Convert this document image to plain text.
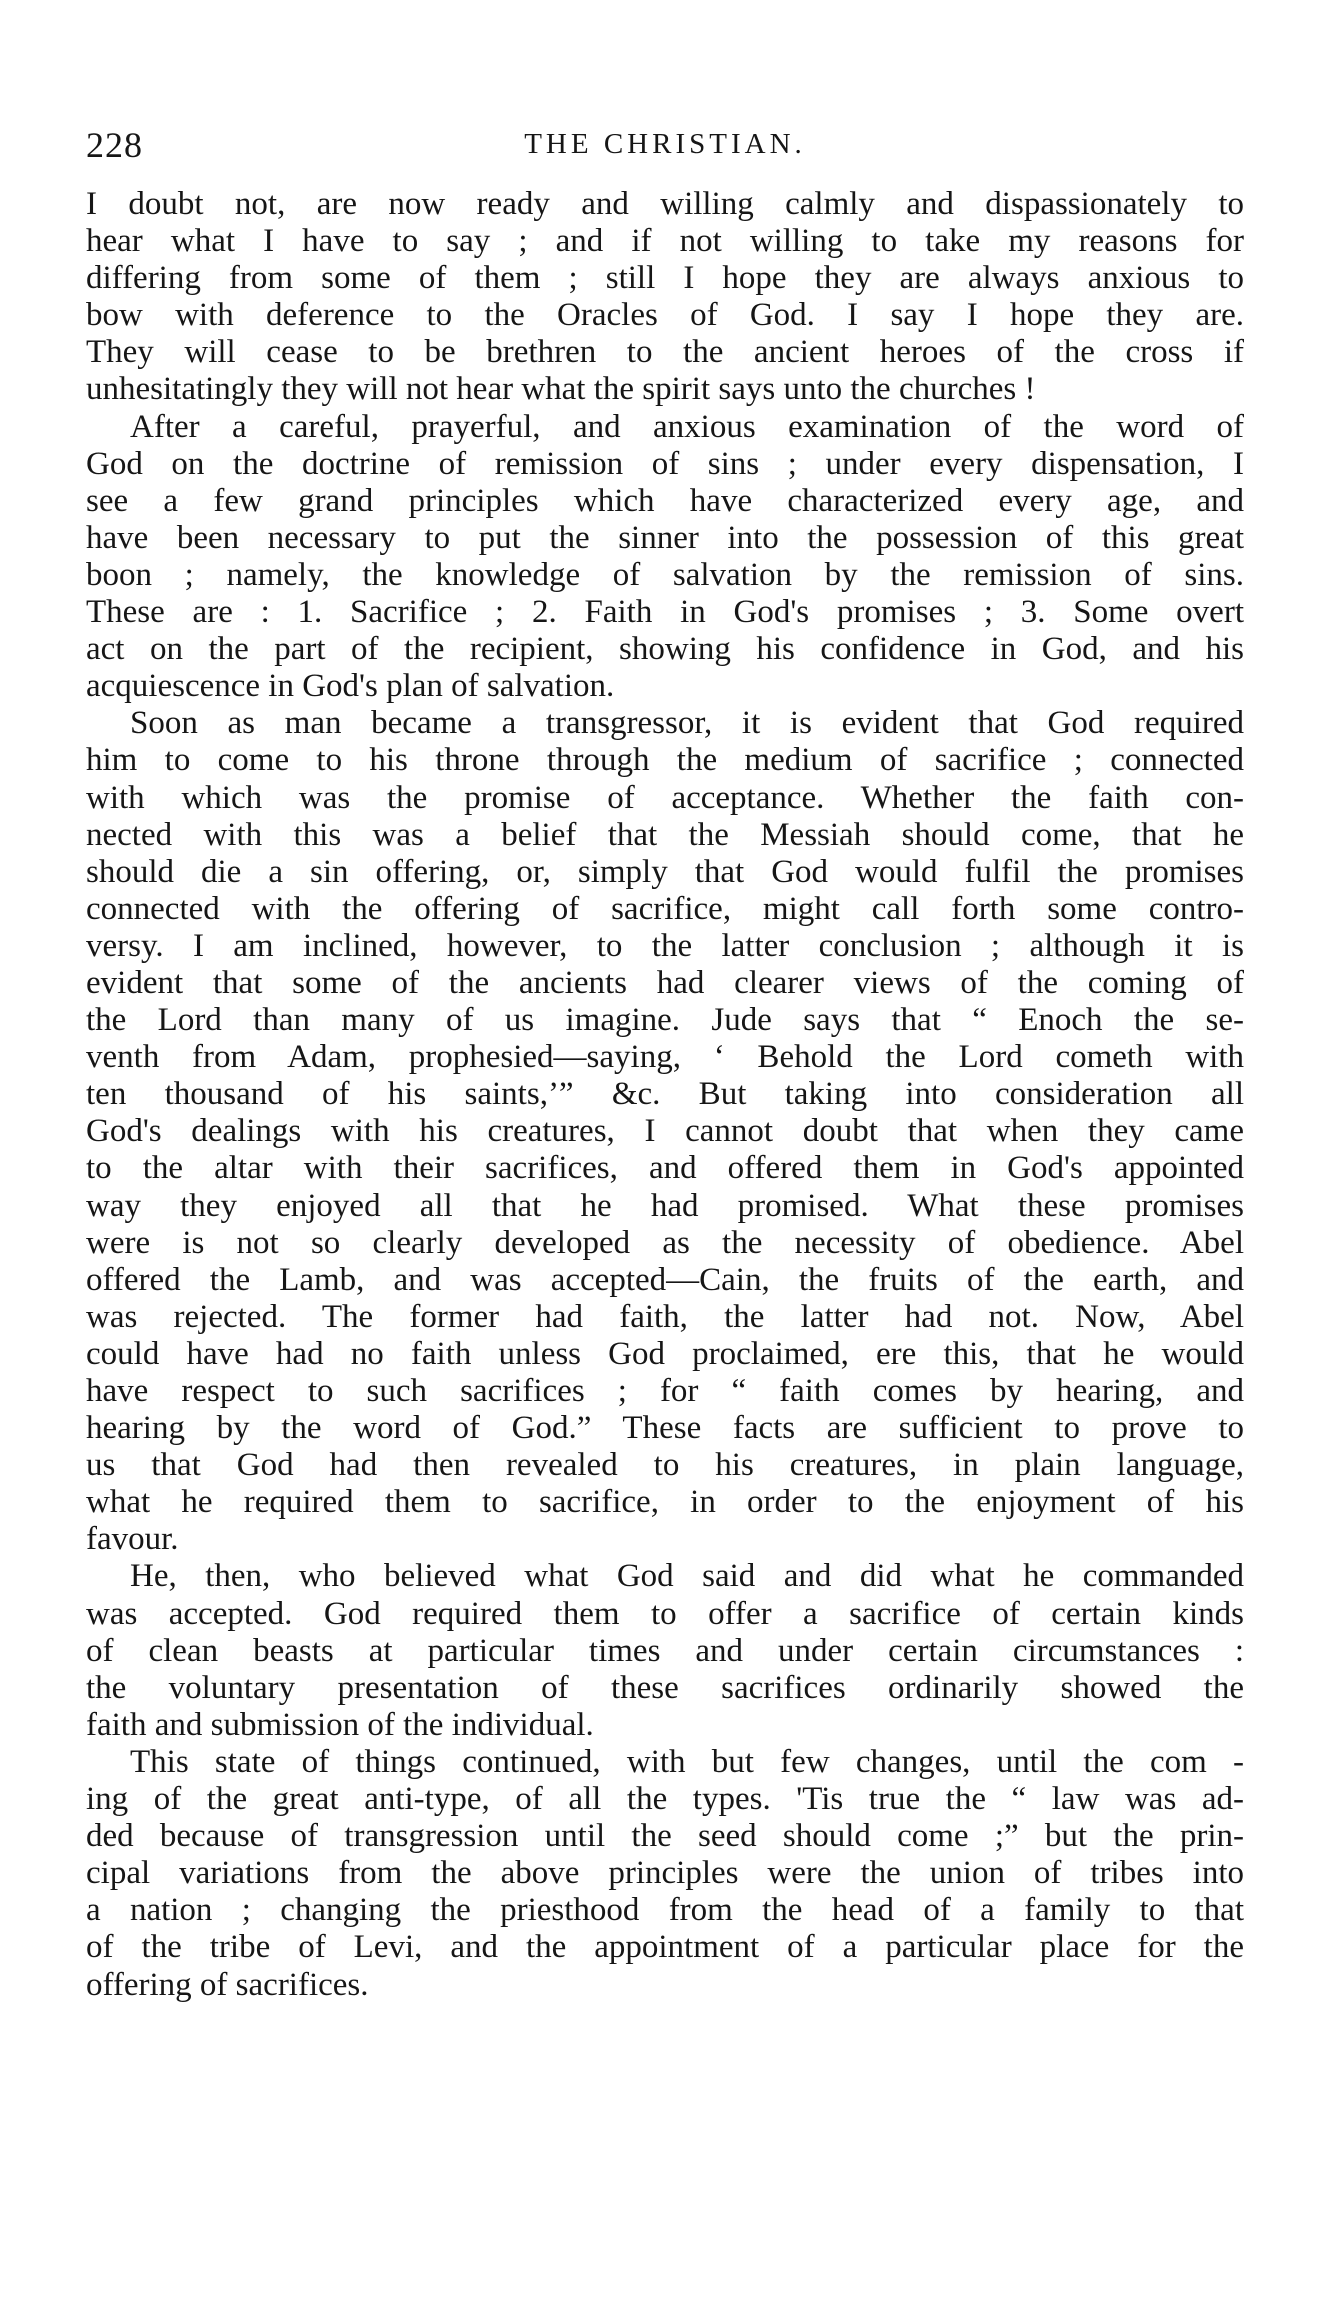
228	THE CHRISTIAN.
I doubt not, are now ready and willing calmly and dispassionately to
hear what I have to say ; and if not willing to take my reasons for
differing from some of them ; still I hope they are always anxious to
bow with deference to the Oracles of God. I say I hope they are.
They will cease to be brethren to the ancient heroes of the cross if
unhesitatingly they will not hear what the spirit says unto the churches !
After a careful, prayerful, and anxious examination of the word of
God on the doctrine of remission of sins ; under every dispensation, I
see a few grand principles which have characterized every age, and
have been necessary to put the sinner into the possession of this great
boon ; namely, the knowledge of salvation by the remission of sins.
These are : 1. Sacrifice ; 2. Faith in God's promises ; 3. Some overt
act on the part of the recipient, showing his confidence in God, and his
acquiescence in God's plan of salvation.
Soon as man became a transgressor, it is evident that God required
him to come to his throne through the medium of sacrifice ; connected
with which was the promise of acceptance. Whether the faith con-
nected with this was a belief that the Messiah should come, that he
should die a sin offering, or, simply that God would fulfil the promises
connected with the offering of sacrifice, might call forth some contro-
versy. I am inclined, however, to the latter conclusion ; although it is
evident that some of the ancients had clearer views of the coming of
the Lord than many of us imagine. Jude says that “ Enoch the se-
venth from Adam, prophesied—saying, ‘ Behold the Lord cometh with
ten thousand of his saints,’” &c. But taking into consideration all
God's dealings with his creatures, I cannot doubt that when they came
to the altar with their sacrifices, and offered them in God's appointed
way they enjoyed all that he had promised. What these promises
were is not so clearly developed as the necessity of obedience. Abel
offered the Lamb, and was accepted—Cain, the fruits of the earth, and
was rejected. The former had faith, the latter had not. Now, Abel
could have had no faith unless God proclaimed, ere this, that he would
have respect to such sacrifices ; for “ faith comes by hearing, and
hearing by the word of God.” These facts are sufficient to prove to
us that God had then revealed to his creatures, in plain language,
what he required them to sacrifice, in order to the enjoyment of his
favour.
He, then, who believed what God said and did what he commanded
was accepted. God required them to offer a sacrifice of certain kinds
of clean beasts at particular times and under certain circumstances :
the voluntary presentation of these sacrifices ordinarily showed the
faith and submission of the individual.
This state of things continued, with but few changes, until the com -
ing of the great anti-type, of all the types. 'Tis true the “ law was ad-
ded because of transgression until the seed should come ;” but the prin-
cipal variations from the above principles were the union of tribes into
a nation ; changing the priesthood from the head of a family to that
of the tribe of Levi, and the appointment of a particular place for the
offering of sacrifices.
